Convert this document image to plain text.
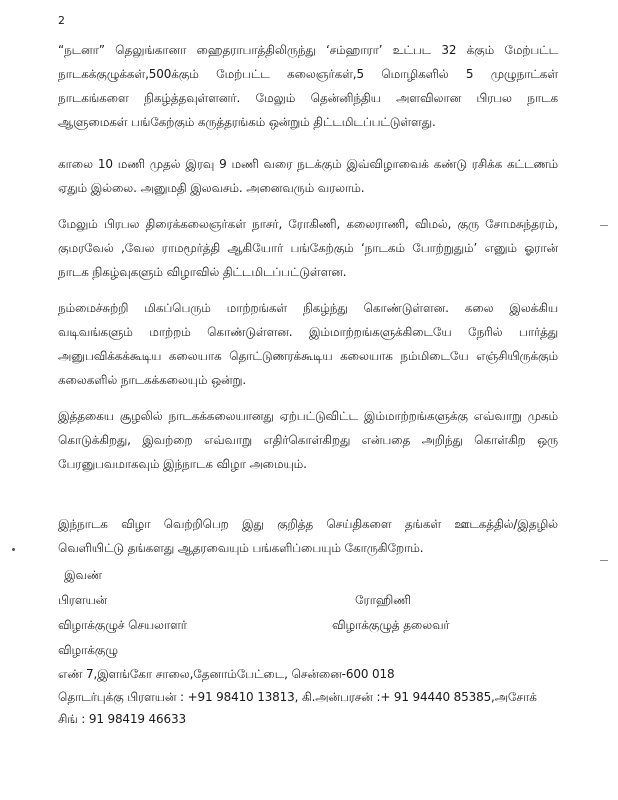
2
“நடனா” தெலுங்கானா ஹைதராபாத்திலிருந்து ‘சம்ஹாரா’ உட்பட 32 க்கும் மேற்பட்ட நாடகக்குழுக்கள்,500க்கும் மேற்பட்ட கலைஞர்கள்,5 மொழிகளில் 5 முழுநாட்கள் நாடகங்களை நிகழ்த்தவுள்ளனர். மேலும் தென்னிந்திய அளவிலான பிரபல நாடக ஆளுமைகள் பங்கேற்கும் கருத்தரங்கம் ஒன்றும் திட்டமிடப்பட்டுள்ளது.
காலை 10 மணி முதல் இரவு 9 மணி வரை நடக்கும் இவ்விழாவைக் கண்டு ரசிக்க கட்டணம் ஏதும் இல்லை. அனுமதி இலவசம். அனைவரும் வரலாம்.
மேலும் பிரபல திரைக்கலைஞர்கள் நாசர், ரோகிணி, கலைராணி, விமல், குரு சோமசுந்தரம், குமரவேல் ,வேல ராமமூர்த்தி ஆகியோர் பங்கேற்கும் ‘நாடகம் போற்றுதும்’ எனும் ஓரான் நாடக நிகழ்வுகளும் விழாவில் திட்டமிடப்பட்டுள்ளன.
நம்மைச்சுற்றி மிகப்பெரும் மாற்றங்கள் நிகழ்ந்து கொண்டுள்ளன. கலை இலக்கிய வடிவங்களும் மாற்றம் கொண்டுள்ளன. இம்மாற்றங்களுக்கிடையே நேரில் பார்த்து அனுபவிக்கக்கூடிய கலையாக தொட்டுணரக்கூடிய கலையாக நம்மிடையே எஞ்சியிருக்கும் கலைகளில் நாடகக்கலையும் ஒன்று.
இத்தகைய சூழலில் நாடகக்கலையானது ஏற்பட்டுவிட்ட இம்மாற்றங்களுக்கு எவ்வாறு முகம் கொடுக்கிறது, இவற்றை எவ்வாறு எதிர்கொள்கிறது என்பதை அறிந்து கொள்கிற ஒரு பேரனுபவமாகவும் இந்நாடக விழா அமையும்.
இந்நாடக விழா வெற்றிபெற இது குறித்த செய்திகளை தங்கள் ஊடகத்தில்/இதழில் வெளியிட்டு தங்களது ஆதரவையும் பங்களிப்பையும் கோருகிறோம்.
இவண்
பிரளயன்	ரோஹிணி
விழாக்குழுச் செயலாளர்	விழாக்குழுத் தலைவர்
விழாக்குழு
எண் 7,இளங்கோ சாலை,தேனாம்பேட்டை, சென்னை-600 018
தொடர்புக்கு பிரளயன் : +91 98410 13813, கி.அன்பரசன் :+ 91 94440 85385,அசோக்
சிங் : 91 98419 46633
